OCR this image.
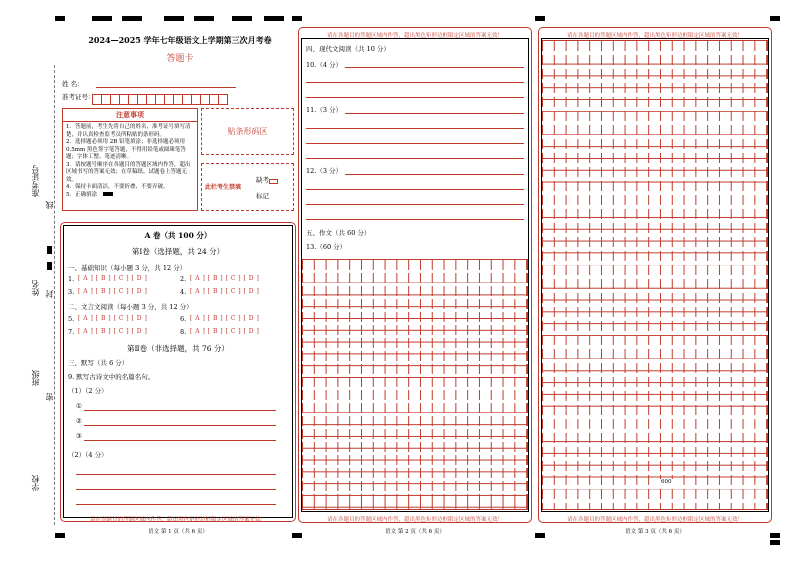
准考证号
线
姓名 封
班级
密
学校
2024—2025 学年七年级语文上学期第三次月考卷
答题卡
姓 名：
准考证号：
注意事项
1．答题前，考生先将自己的姓名，准考证号填写清楚，并认真检查监考员所粘贴的条形码。
2．选择题必须用 2B 铅笔填涂；非选择题必须用 0.5mm 黑色签字笔答题，不得用铅笔或圆珠笔答题；字体工整、笔迹清晰。
3．请按题号顺序在各题目的答题区域内作答，超出区域书写的答案无效；在草稿纸、试题卷上答题无效。
4．保持卡面清洁，不要折叠、不要弄破。
5．正确填涂
贴条形码区
此栏考生禁填
缺考
标记
A 卷（共 100 分）
第Ⅰ卷（选择题，共 24 分）
一、基础知识（每小题 3 分，共 12 分）
1. [ A ] [ B ] [ C ] [ D ]	2. [ A ] [ B ] [ C ] [ D ]
3. [ A ] [ B ] [ C ] [ D ]	4. [ A ] [ B ] [ C ] [ D ]
二、文言文阅读（每小题 3 分，共 12 分）
5. [ A ] [ B ] [ C ] [ D ]	6. [ A ] [ B ] [ C ] [ D ]
7. [ A ] [ B ] [ C ] [ D ]	8. [ A ] [ B ] [ C ] [ D ]
第Ⅱ卷（非选择题，共 76 分）
三、默写（共 6 分）
9. 默写古诗文中的名篇名句。
（1）（2 分）
①
②
③
（2）（4 分）
请在各题目的答题区域内作答，超出黑色矩形边框限定区域的答案无效！
语文 第 1 页（共 6 页）
请在各题目的答题区域内作答，超出黑色矩形边框限定区域的答案无效！
四、现代文阅读（共 10 分）
10.（4 分）
11.（3 分）
12.（3 分）
五、作文（共 60 分）
13.（60 分）
请在各题目的答题区域内作答，超出黑色矩形边框限定区域的答案无效！
语文 第 2 页（共 6 页）
请在各题目的答题区域内作答，超出黑色矩形边框限定区域的答案无效！
600
请在各题目的答题区域内作答，超出黑色矩形边框限定区域的答案无效！
语文 第 3 页（共 6 页）
